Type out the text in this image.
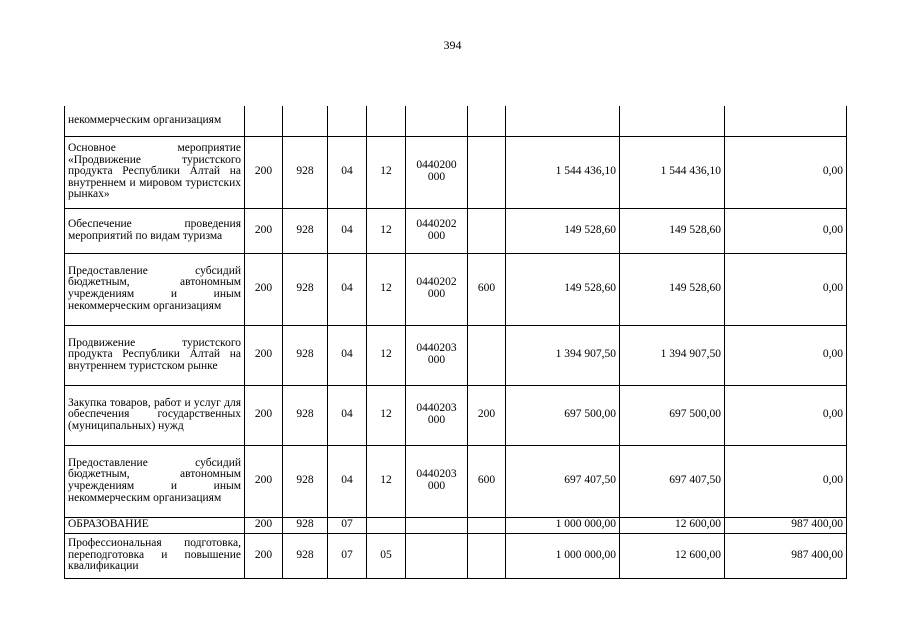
394
некоммерческим организациям									
Основное мероприятие «Продвижение туристского продукта Республики Алтай на внутреннем и мировом туристских рынках»	200	928	04	12	0440200 000		1 544 436,10	1 544 436,10	0,00
Обеспечение проведения мероприятий по видам туризма	200	928	04	12	0440202 000		149 528,60	149 528,60	0,00
Предоставление субсидий бюджетным, автономным учреждениям и иным некоммерческим организациям	200	928	04	12	0440202 000	600	149 528,60	149 528,60	0,00
Продвижение туристского продукта Республики Алтай на внутреннем туристском рынке	200	928	04	12	0440203 000		1 394 907,50	1 394 907,50	0,00
Закупка товаров, работ и услуг для обеспечения государственных (муниципальных) нужд	200	928	04	12	0440203 000	200	697 500,00	697 500,00	0,00
Предоставление субсидий бюджетным, автономным учреждениям и иным некоммерческим организациям	200	928	04	12	0440203 000	600	697 407,50	697 407,50	0,00
ОБРАЗОВАНИЕ	200	928	07				1 000 000,00	12 600,00	987 400,00
Профессиональная подготовка, переподготовка и повышение квалификации	200	928	07	05			1 000 000,00	12 600,00	987 400,00
